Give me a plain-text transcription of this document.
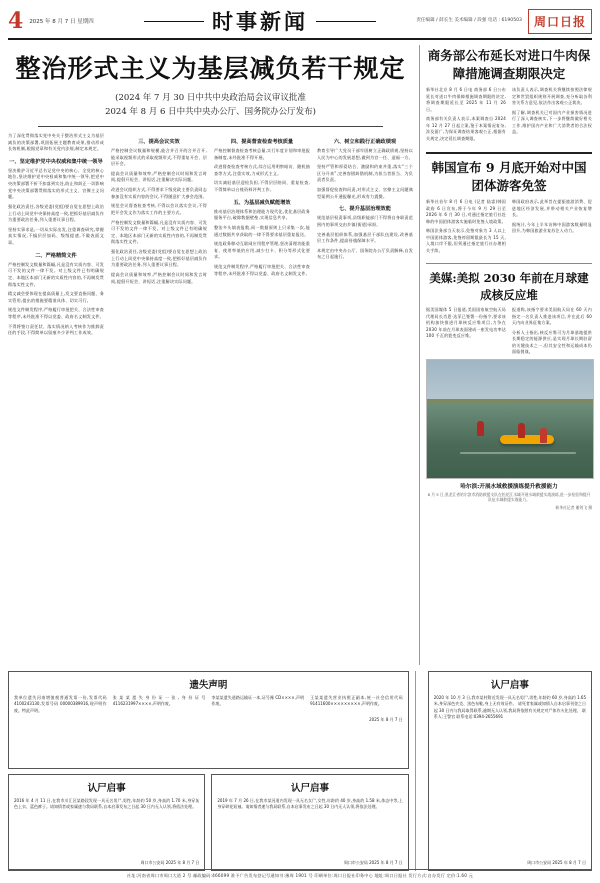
4 2025 年 8 月 7 日 星期四	时事新闻	责任编辑 / 薛长生 美术编辑 / 段强 电话 : 6190503	周口日报
整治形式主义为基层减负若干规定
(2024 年 7 月 30 日中共中央政治局会议审议批准
2024 年 8 月 6 日中共中央办公厅、国务院办公厅发布)

为了深化贯彻落实党中央关于整治形式主义为基层减负的决策部署,巩固拓展主题教育成果,推动形成长效机制,根据党章和有关党内法规,制定本规定。

一、坚定维护党中央权威和集中统一领导

坚决维护习近平总书记党中央的核心、全党的核心地位,坚决维护党中央权威和集中统一领导,把党中央决策部署不折不扣落到实处,防止和纠正一切影响党中央决策部署贯彻落实的形式主义、官僚主义问题。

强化政治责任,各级党委(党组)要自觉在思想上政治上行动上同党中央保持高度一致,把抓好基层减负作为重要政治任务,列入重要议事日程。

坚持实事求是,一切从实际出发,注重调查研究,掌握真实情况,不搞层层加码、级级提速,不做表面文章。

二、严格精简文件

严格控制发文数量和篇幅,凡是没有实质内容、可发可不发的文件一律不发。对上级文件已有明确规定、本地区本部门无新的实质性内容的,不再制发贯彻落实性文件。

精文减会要体现在提高质量上,发文要直指问题、务实管用,提出的措施要精准具体、切实可行。

规范文件制发程序,严格履行审批把关、合法性审查等程序,未经批准不得以党委、政府名义制发文件。

不得将签订责任状、落实情况纳入考核作为推卸责任的手段,不得简单以留痕多少评判工作成效。

三、提高会议实效

严格控制会议数量和规模,能合并召开的合并召开,能采取视频形式的采取视频形式,不得重复开会、层层开会。

提高会议质量和效率,严格控制会议时间和发言时间,提倡开短会、讲短话,注重解决实际问题。

改进会议组织方式,不得要求下级党政主要负责同志参加没有实质内容的会议,不得随意扩大参会范围。

规范会议督查检查考核,不得以会议落实会议,不得把开会发文作为落实工作的主要方式。

严格控制发文数量和篇幅,凡是没有实质内容、可发可不发的文件一律不发。对上级文件已有明确规定、本地区本部门无新的实质性内容的,不再制发贯彻落实性文件。

强化政治责任,各级党委(党组)要自觉在思想上政治上行动上同党中央保持高度一致,把抓好基层减负作为重要政治任务,列入重要议事日程。

提高会议质量和效率,严格控制会议时间和发言时间,提倡开短会、讲短话,注重解决实际问题。

四、提高督查检查考核质量

严格控制督查检查考核总量,实行年度计划和审批报备制度,未经批准不得开展。

改进督查检查考核方式,综合运用明察暗访、随机抽查等方式,注重实效,力戒形式主义。

切实减轻基层迎检负担,不得层层陪同、重复检查,不得简单以台账资料评判工作。

五、为基层减负赋能增效

推动基层治理体系和治理能力现代化,优化基层政务服务平台,破除数据壁垒,实现信息共享。

整治多头填表报数,同一数据原则上只采集一次,能通过数据共享获取的一律不得要求基层重复报送。

规范政务移动互联网应用程序管理,坚决清理功能重复、使用率低的应用,减少打卡、积分等形式化要求。

规范文件制发程序,严格履行审批把关、合法性审查等程序,未经批准不得以党委、政府名义制发文件。

六、树立和践行正确政绩观

教育引导广大党员干部牢固树立正确政绩观,坚持以人民为中心的发展思想,做到为官一任、造福一方。

坚持严管和厚爱结合、激励和约束并重,落实“三个区分开来”,完善容错纠错机制,为担当者担当、为负责者负责。

加强督促检查和问责,对形式主义、官僚主义问题典型案例公开通报曝光,形成有力震慑。

七、提升基层治理效能

规范基层权责事项,县级职能部门不得将自身职责范围内的事项交由乡镇(街道)承担。

完善基层组织体系,加强基层干部队伍建设,改善基层工作条件,提高待遇保障水平。

本规定由中央办公厅、国务院办公厅负责解释,自发布之日起施行。

商务部公布延长对进口牛肉保障措施调查期限决定

新华社北京 8 月 6 日电 商务部 6 日公布延长对进口牛肉保障措施调查期限的决定,将调查期限延长至 2025 年 11 月 26 日。

商务部有关负责人表示,本案调查自 2024 年 12 月 27 日起立案,鉴于本案情况复杂,涉及面广,为保证调查结果客观公正,根据有关规定,决定延长调查期限。

该负责人表示,调查机关将继续按照法律规定和世贸组织规则开展调查,充分听取各利害关系方意见,依法作出客观公正裁决。

据了解,调查机关已对国内产业损害情况进行了深入调查核实,下一步将继续做好相关工作,维护国内产业和广大消费者的合法权益。

韩国宣布 9 月底开始对中国团体游客免签

新华社首尔 8 月 6 日电 (记者 陆睿)韩国政府 6 日宣布,将于今年 9 月 29 日至 2026 年 6 月 30 日,对通过指定旅行社赴韩的中国团体游客实施临时免签入境政策。

韩国法务部当天表示,免签对象为 3 人以上中国团体游客,免签停留期限最长为 15 天,入境口岸不限,但须通过指定旅行社办理相关手续。

韩国政府表示,此举旨在提振旅游消费、促进地区经济发展,并带动相关产业恢复增长。

据统计,今年上半年访韩中国游客数量明显回升,为韩国旅游业复苏注入动力。

美媒:美拟 2030 年前在月球建成核反应堆

据美国媒体 5 日报道,美国国家航空航天局代理局长肖恩·达菲已签署一份指令,要求该机构加快推进月球核反应堆项目,力争在 2030 年前在月球表面建成一座发电功率达 100 千瓦的裂变反应堆。

报道称,该指令要求美国航天局在 60 天内指定一名负责人推进该项目,并在此后 60 天内向业界征集方案。

分析人士指出,核反应堆可为月球基地提供长期稳定的能源供应,是实现月球长期驻留的关键技术之一,但其安全性和运输成本仍面临挑战。

哈尔滨:开展水域救援演练提升救援能力
8 月 5 日,黑龙江省哈尔滨市消防救援支队在松花江水域开展水域救援实战演练,进一步检验和提升队伍水域救援实战能力。
新华社记者 谢剑飞 摄
遗失声明
我单位遗失河南增值税普通发票一份,发票代码 4100243130,发票号码 00000389916,现声明作废。特此声明。
张某某遗失身份证一张,身份证号 4116231997××××,声明作废。
李某某遗失道路运输证一本,证号豫 CD××××,声明作废。
王某某遗失营业执照正副本,统一社会信用代码 91411600×××××××××,声明作废。
2025 年 8 月 7 日
认尸启事
2016 年 4 月 11 日,在我市川汇区某路段发现一具无名男尸,男性,年龄约 50 岁,身高约 1.70 米,身穿灰色上衣、蓝色裤子。请知情者或家属速与我局联系,自本启事发布之日起 30 日内无人认领,将依法处理。
周口市公安局 2025 年 8 月 7 日
认尸启事
2019 年 7 月 26 日,在我市某河道内发现一具无名女尸,女性,年龄约 40 岁,身高约 1.58 米,体态中等,上身穿碎花短袖。请知情者速与我局联系,自本启事发布之日起 30 日内无人认领,将依法处理。
周口市公安局 2025 年 8 月 7 日
认尸启事
2020 年 10 月 3 日,我市某村附近发现一具无名男尸,男性,年龄约 60 岁,身高约 1.65 米,身穿深色夹克、黑色布鞋,身上无有效证件。 请死者家属或知情人自本启事刊登之日起 30 日内与我局取得联系,逾期无人认领,我局将依照有关规定对尸体作火化处理。 联系人:王警官 联系电话:0394-2655691
周口市公安局 2025 年 8 月 7 日
社址:河南省周口市周口大道 2 号 邮政编码:466099 准予广告发布登记号通知书:豫周 1901 号 印刷单位:周口日报社印务中心 地址:周口日报社 发行方式:自办发行 定价:1.60 元
